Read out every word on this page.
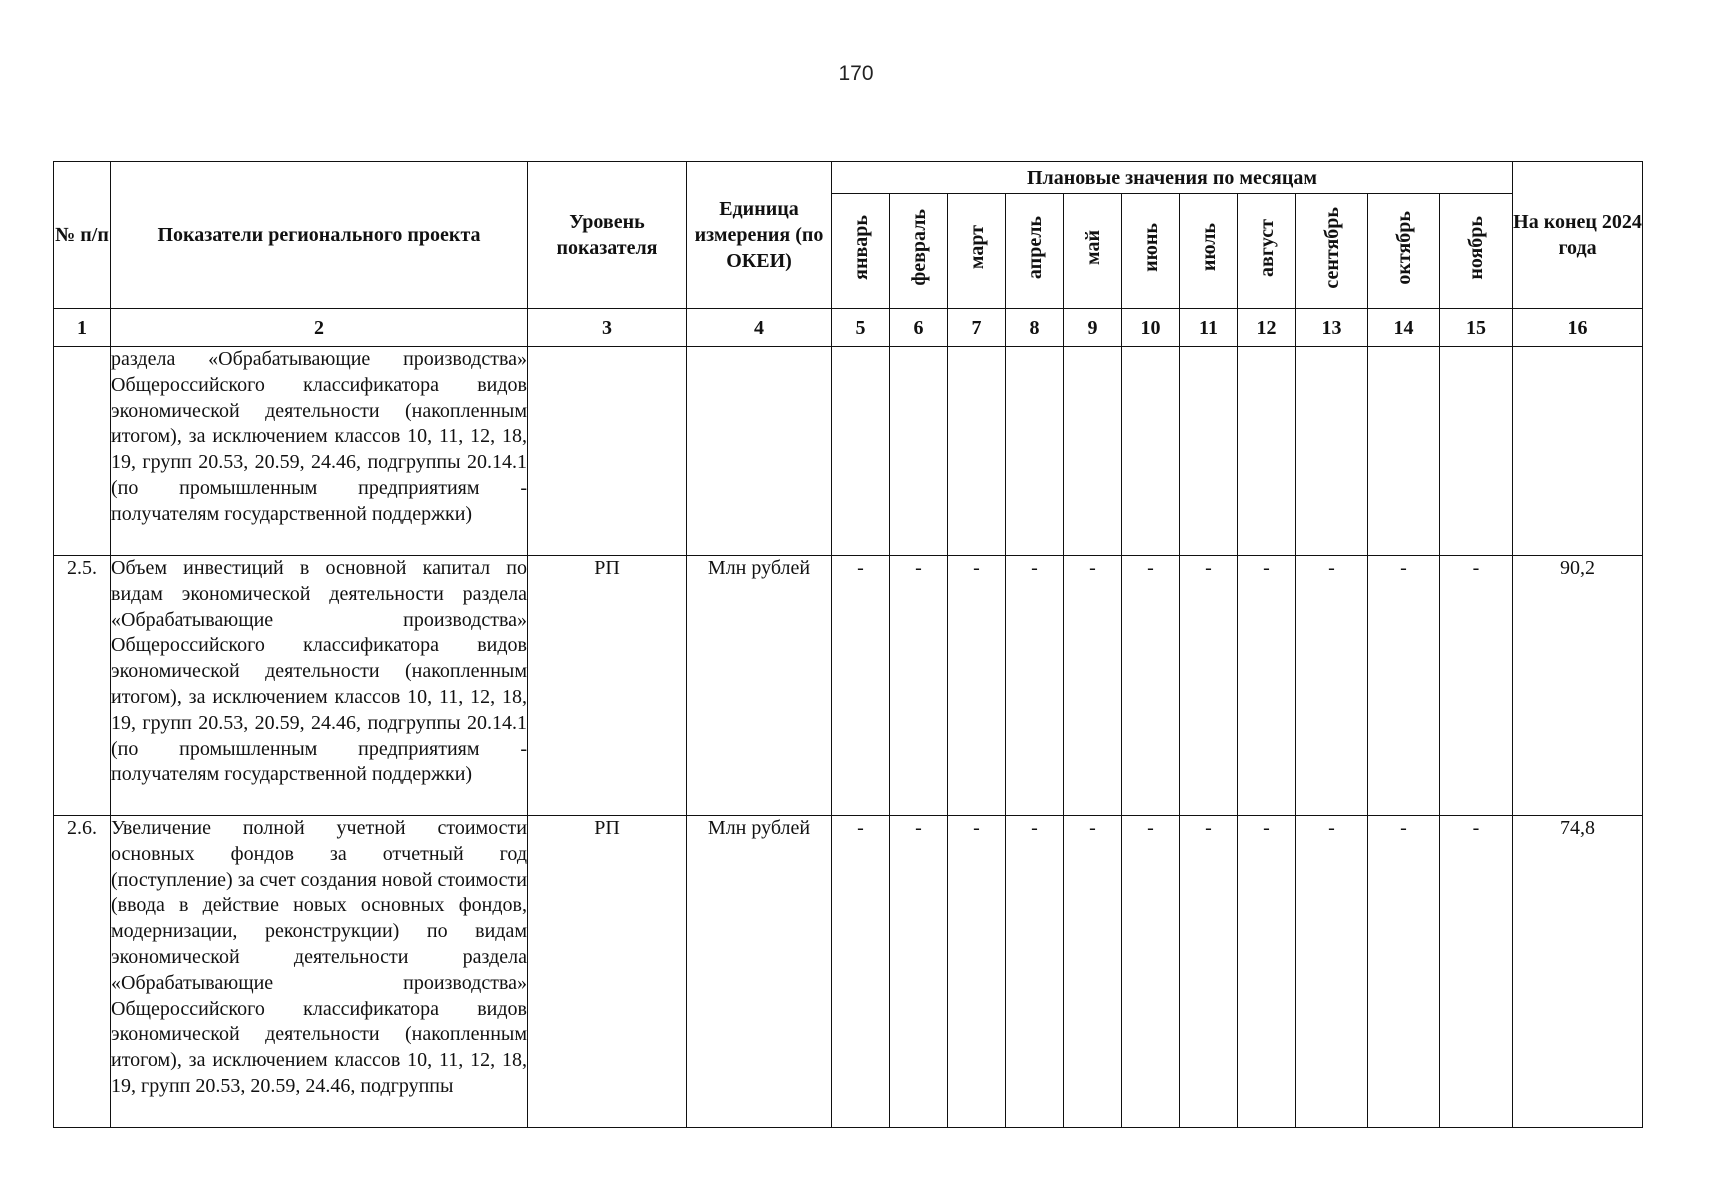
170
№ п/п	Показатели регионального проекта	Уровень показателя	Единица измерения (по ОКЕИ)	Плановые значения по месяцам											На конец 2024 года
				январь	февраль	март	апрель	май	июнь	июль	август	сентябрь	октябрь	ноябрь	
1	2	3	4	5	6	7	8	9	10	11	12	13	14	15	16
	раздела «Обрабатывающие производства» Общероссийского классификатора видов экономической деятельности (накопленным итогом), за исключением классов 10, 11, 12, 18, 19, групп 20.53, 20.59, 24.46, подгруппы 20.14.1 (по промышленным предприятиям - получателям государственной поддержки)														
2.5.	Объем инвестиций в основной капитал по видам экономической деятельности раздела «Обрабатывающие производства» Общероссийского классификатора видов экономической деятельности (накопленным итогом), за исключением классов 10, 11, 12, 18, 19, групп 20.53, 20.59, 24.46, подгруппы 20.14.1 (по промышленным предприятиям - получателям государственной поддержки)	РП	Млн рублей	-	-	-	-	-	-	-	-	-	-	-	90,2
2.6.	Увеличение полной учетной стоимости основных фондов за отчетный год (поступление) за счет создания новой стоимости (ввода в действие новых основных фондов, модернизации, реконструкции) по видам экономической деятельности раздела «Обрабатывающие производства» Общероссийского классификатора видов экономической деятельности (накопленным итогом), за исключением классов 10, 11, 12, 18, 19, групп 20.53, 20.59, 24.46, подгруппы	РП	Млн рублей	-	-	-	-	-	-	-	-	-	-	-	74,8
